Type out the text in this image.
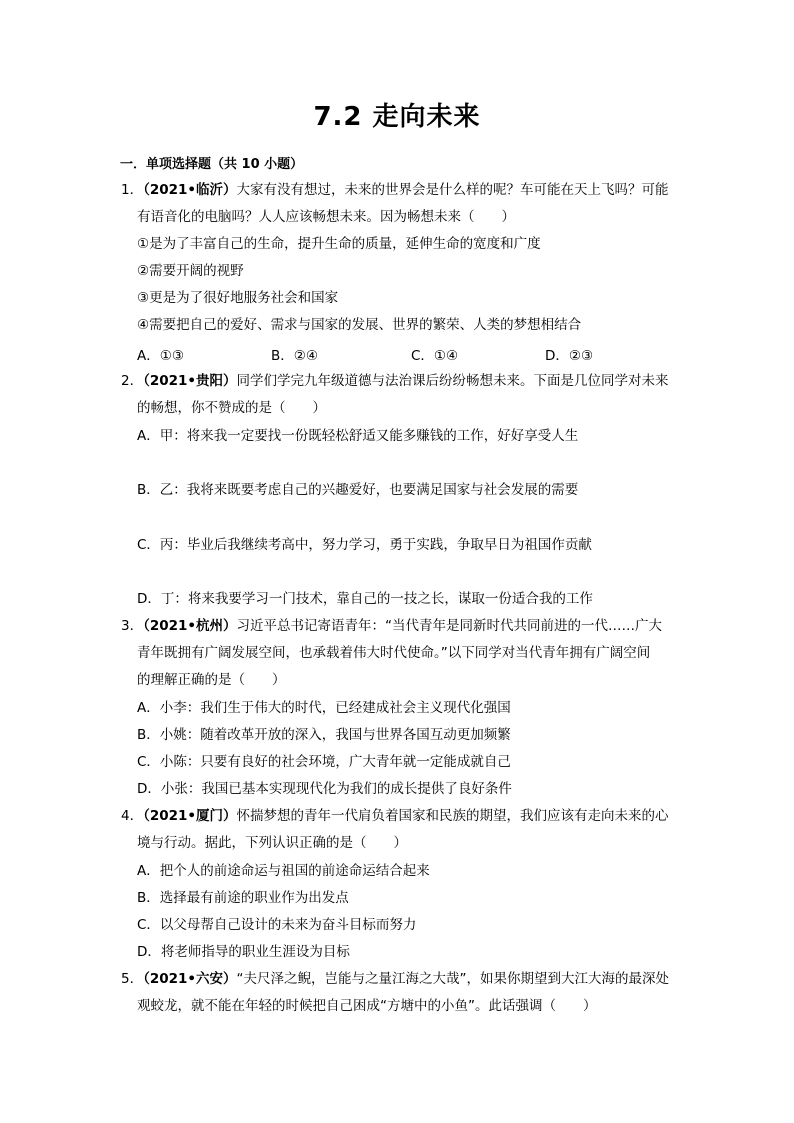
7.2 走向未来
一．单项选择题（共 10 小题）
1．（2021•临沂）大家有没有想过，未来的世界会是什么样的呢？车可能在天上飞吗？可能
有语音化的电脑吗？人人应该畅想未来。因为畅想未来（　　）
①是为了丰富自己的生命，提升生命的质量，延伸生命的宽度和广度
②需要开阔的视野
③更是为了很好地服务社会和国家
④需要把自己的爱好、需求与国家的发展、世界的繁荣、人类的梦想相结合
A．①③	B．②④	C．①④	D．②③
2．（2021•贵阳）同学们学完九年级道德与法治课后纷纷畅想未来。下面是几位同学对未来
的畅想，你不赞成的是（　　）
A．甲：将来我一定要找一份既轻松舒适又能多赚钱的工作，好好享受人生
B．乙：我将来既要考虑自己的兴趣爱好，也要满足国家与社会发展的需要
C．丙：毕业后我继续考高中，努力学习，勇于实践，争取早日为祖国作贡献
D．丁：将来我要学习一门技术，靠自己的一技之长，谋取一份适合我的工作
3．（2021•杭州）习近平总书记寄语青年：“当代青年是同新时代共同前进的一代……广大
青年既拥有广阔发展空间，也承载着伟大时代使命。”以下同学对当代青年拥有广阔空间
的理解正确的是（　　）
A．小李：我们生于伟大的时代，已经建成社会主义现代化强国
B．小姚：随着改革开放的深入，我国与世界各国互动更加频繁
C．小陈：只要有良好的社会环境，广大青年就一定能成就自己
D．小张：我国已基本实现现代化为我们的成长提供了良好条件
4．（2021•厦门）怀揣梦想的青年一代肩负着国家和民族的期望，我们应该有走向未来的心
境与行动。据此，下列认识正确的是（　　）
A．把个人的前途命运与祖国的前途命运结合起来
B．选择最有前途的职业作为出发点
C．以父母帮自己设计的未来为奋斗目标而努力
D．将老师指导的职业生涯设为目标
5．（2021•六安）“夫尺泽之鲵，岂能与之量江海之大哉”，如果你期望到大江大海的最深处
观蛟龙，就不能在年轻的时候把自己困成“方塘中的小鱼”。此话强调（　　）
